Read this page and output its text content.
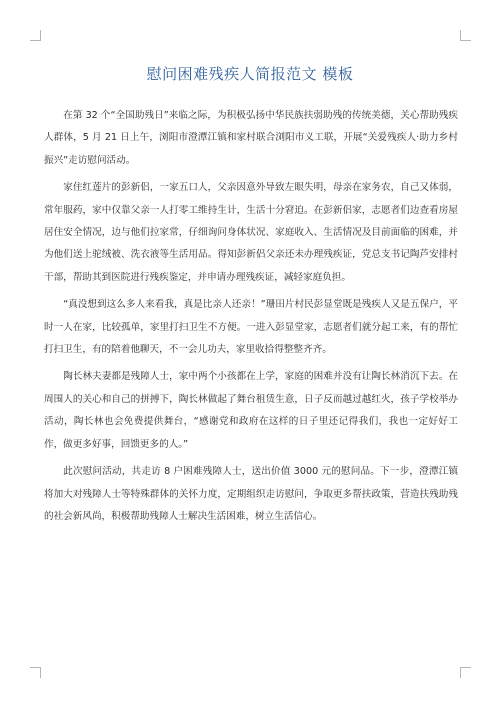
慰问困难残疾人简报范文 模板

在第 32 个“全国助残日”来临之际，为积极弘扬中华民族扶弱助残的传统美德，关心帮助残疾人群体，5 月 21 日上午，浏阳市澄潭江镇和家村联合浏阳市义工联，开展“关爱残疾人·助力乡村振兴”走访慰问活动。

家住红莲片的彭新侣，一家五口人，父亲因意外导致左眼失明，母亲在家务农，自己又体弱，常年服药，家中仅靠父亲一人打零工维持生计，生活十分窘迫。在彭新侣家，志愿者们边查看房屋居住安全情况，边与他们拉家常，仔细询问身体状况、家庭收入、生活情况及目前面临的困难，并为他们送上驼绒被、洗衣液等生活用品。得知彭新侣父亲还未办理残疾证，党总支书记陶芦安排村干部，帮助其到医院进行残疾鉴定，并申请办理残疾证，减轻家庭负担。

“真没想到这么多人来看我，真是比亲人还亲！”珊田片村民彭显堂既是残疾人又是五保户，平时一人在家，比较孤单，家里打扫卫生不方便。一进入彭显堂家，志愿者们就分起工来，有的帮忙打扫卫生，有的陪着他聊天，不一会儿功夫，家里收拾得整整齐齐。

陶长林夫妻都是残障人士，家中两个小孩都在上学，家庭的困难并没有让陶长林消沉下去。在周围人的关心和自己的拼搏下，陶长林做起了舞台租赁生意，日子反而越过越红火，孩子学校举办活动，陶长林也会免费提供舞台，“感谢党和政府在这样的日子里还记得我们，我也一定好好工作，做更多好事，回馈更多的人。”

此次慰问活动，共走访 8 户困难残障人士，送出价值 3000 元的慰问品。下一步，澄潭江镇将加大对残障人士等特殊群体的关怀力度，定期组织走访慰问，争取更多帮扶政策，营造扶残助残的社会新风尚，积极帮助残障人士解决生活困难，树立生活信心。
